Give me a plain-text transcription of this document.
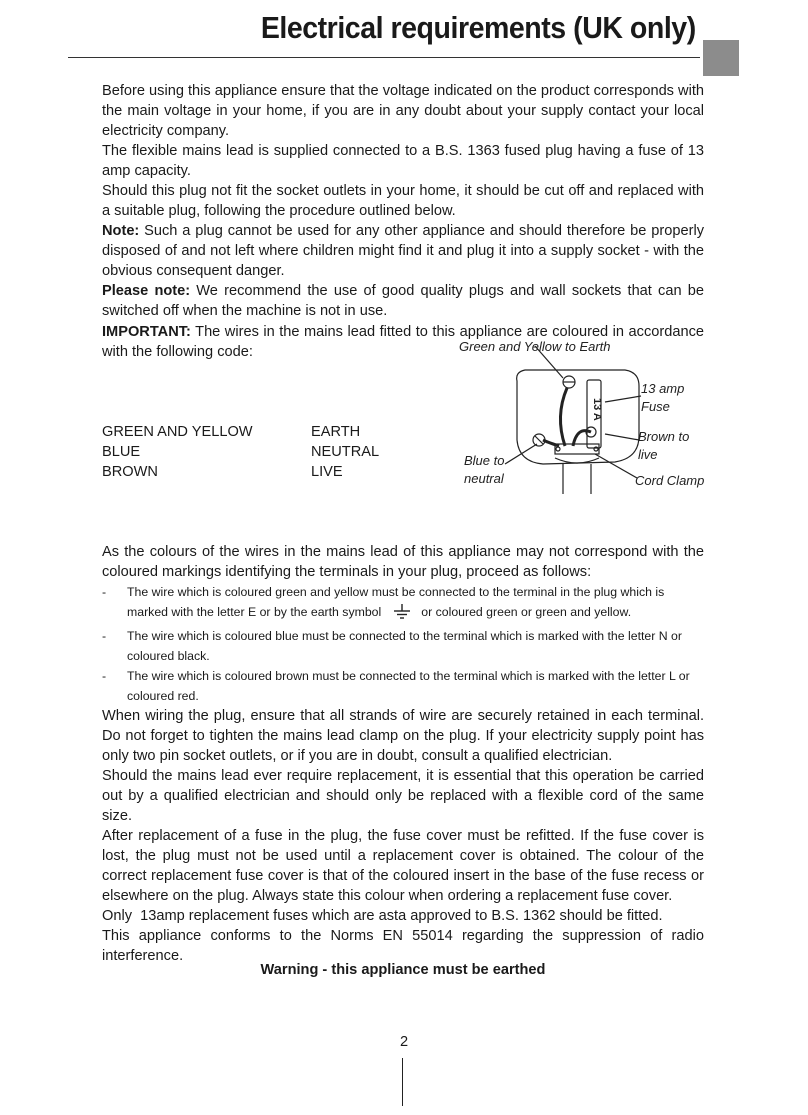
Electrical requirements (UK only)

Before using this appliance ensure that the voltage indicated on the product corresponds with the main voltage in your home, if you are in any doubt about your supply contact your local electricity company.

The flexible mains lead is supplied connected to a B.S. 1363 fused plug having a fuse of 13 amp capacity.

Should this plug not fit the socket outlets in your home, it should be cut off and replaced with a suitable plug, following the procedure outlined below.

Note: Such a plug cannot be used for any other appliance and should therefore be properly disposed of and not left where children might find it and plug it into a supply socket - with the obvious consequent danger.

Please note: We recommend the use of good quality plugs and wall sockets that can be switched off when the machine is not in use.

IMPORTANT: The wires in the mains lead fitted to this appliance are coloured in accordance with the following code:
GREEN AND YELLOW	EARTH
BLUE	NEUTRAL
BROWN	LIVE
13 A
Green and Yellow to Earth
13 amp
Fuse
Brown to
live
Blue to
neutral	Cord Clamp

As the colours of the wires in the mains lead of this appliance may not correspond with the coloured markings identifying the terminals in your plug, proceed as follows:

- The wire which is coloured green and yellow must be connected to the terminal in the plug which is marked with the letter E or by the earth symbol	or coloured green or green and yellow.
- The wire which is coloured blue must be connected to the terminal which is marked with the letter N or coloured black.
- The wire which is coloured brown must be connected to the terminal which is marked with the letter L or coloured red.

When wiring the plug, ensure that all strands of wire are securely retained in each terminal. Do not forget to tighten the mains lead clamp on the plug. If your electricity supply point has only two pin socket outlets, or if you are in doubt, consult a qualified electrician.

Should the mains lead ever require replacement, it is essential that this operation be carried out by a qualified electrician and should only be replaced with a flexible cord of the same size.

After replacement of a fuse in the plug, the fuse cover must be refitted. If the fuse cover is lost, the plug must not be used until a replacement cover is obtained. The colour of the correct replacement fuse cover is that of the coloured insert in the base of the fuse recess or elsewhere on the plug. Always state this colour when ordering a replacement fuse cover.

Only  13amp replacement fuses which are asta approved to B.S. 1362 should be fitted.

This appliance conforms to the Norms EN 55014 regarding the suppression of radio interference.

Warning - this appliance must be earthed
2
